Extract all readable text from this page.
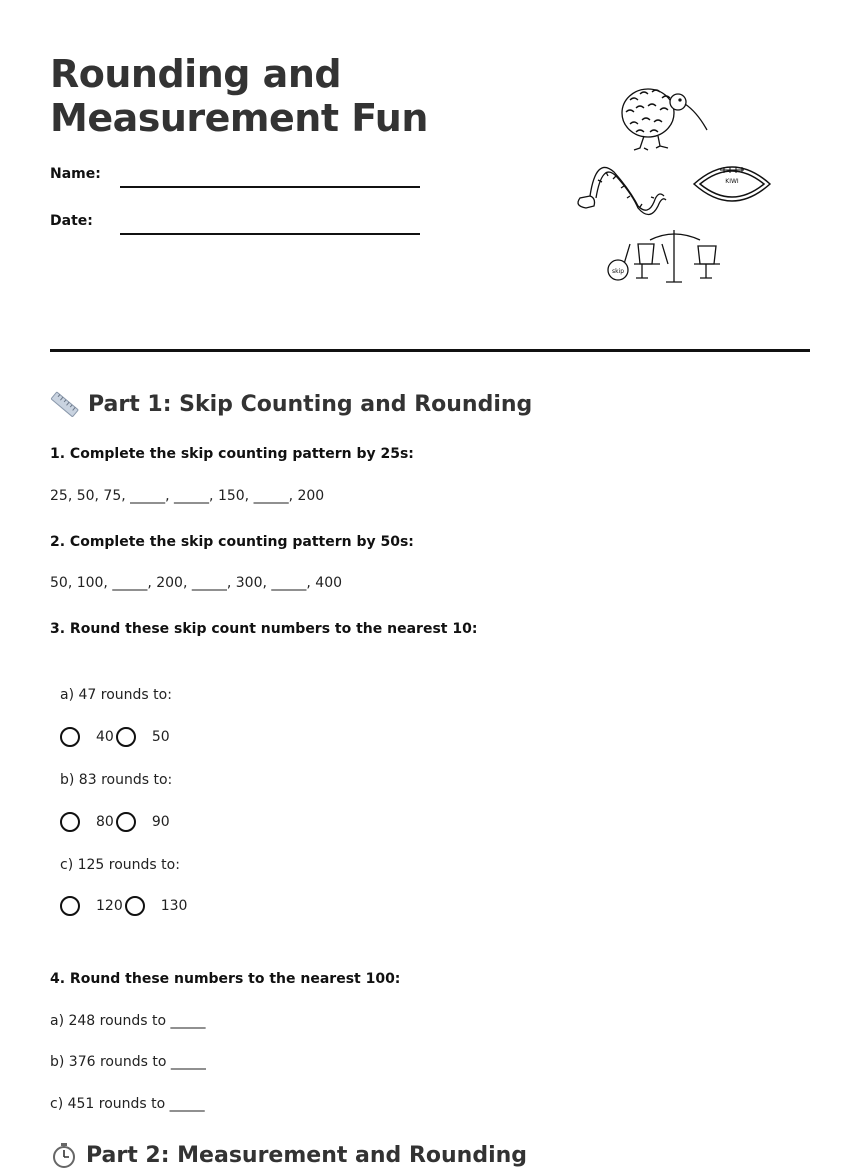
Rounding and
Measurement Fun
Name:
Date:
KIWI
skip
Part 1: Skip Counting and Rounding
1. Complete the skip counting pattern by 25s:
25, 50, 75, _____, _____, 150, _____, 200
2. Complete the skip counting pattern by 50s:
50, 100, _____, 200, _____, 300, _____, 400
3. Round these skip count numbers to the nearest 10:
a) 47 rounds to:
40	50
b) 83 rounds to:
80	90
c) 125 rounds to:
120	130
4. Round these numbers to the nearest 100:
a) 248 rounds to _____
b) 376 rounds to _____
c) 451 rounds to _____
Part 2: Measurement and Rounding
